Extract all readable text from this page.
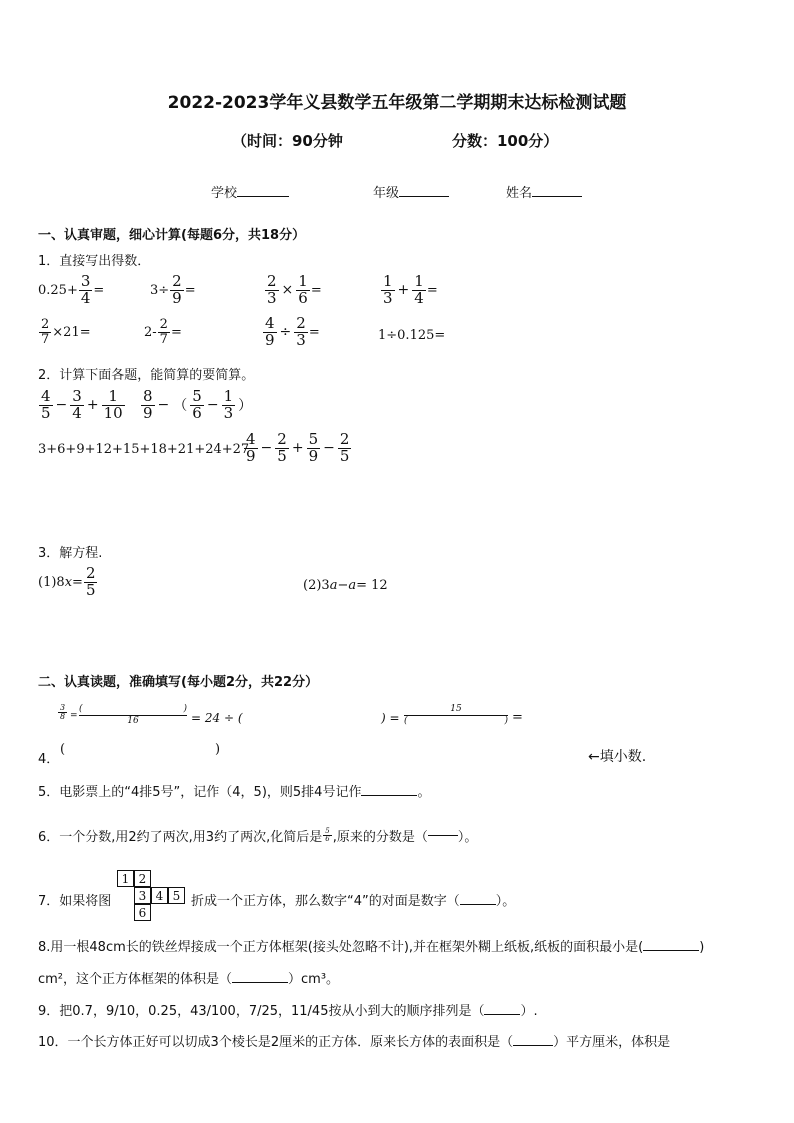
2022-2023学年义县数学五年级第二学期期末达标检测试题
（时间：90分钟	分数：100分）
学校	年级	姓名
一、认真审题，细心计算(每题6分，共18分）
1．直接写出得数．
$0.25+ \frac{3}{4}$ =	$3\div \frac{2}{9}$ =	$\frac{2}{3} \times \frac{1}{6}$ =	$\frac{1}{3} + \frac{1}{4}$ =
$\frac{2}{7} \times 21=$	$2- \frac{2}{7}$ =	$\frac{4}{9} \div \frac{2}{3}$ =	1÷0.125=
2．计算下面各题，能简算的要简算。
$\frac{4}{5} - \frac{3}{4} + \frac{1}{10} \frac{8}{9}$ − （ $\frac{5}{6} - \frac{1}{3}$ ）
3+6+9+12+15+18+21+24+27
$\frac{4}{9} - \frac{2}{5} + \frac{5}{9} - \frac{2}{5}$
3．解方程.
(1)8 $x = \frac{2}{5}$	(2)3 a − a = 12
二、认真读题，准确填写(每小题2分，共22分）
$\frac{3}{8}$ =
(	)
16	= 24 ÷ (	) =
15
(	) =
4．
(	)	←填小数.
5．电影票上的“4排5号”，记作（4，5)，则5排4号记作	。
6．一个分数,用2约了两次,用3约了两次,化简后是 $\frac{5}{6}$ ,原来的分数是（ ）。
7．如果将图
1 2
3 4 5
6
折成一个正方体，那么数字“4”的对面是数字（	）。
8.用一根48cm长的铁丝焊接成一个正方体框架(接头处忽略不计),并在框架外糊上纸板,纸板的面积最小是(	)
cm²，这个正方体框架的体积是（	）cm³。
9．把0.7，9/10，0.25，43/100，7/25，11/45按从小到大的顺序排列是（	）.
10．一个长方体正好可以切成3个棱长是2厘米的正方体．原来长方体的表面积是（	）平方厘米，体积是
